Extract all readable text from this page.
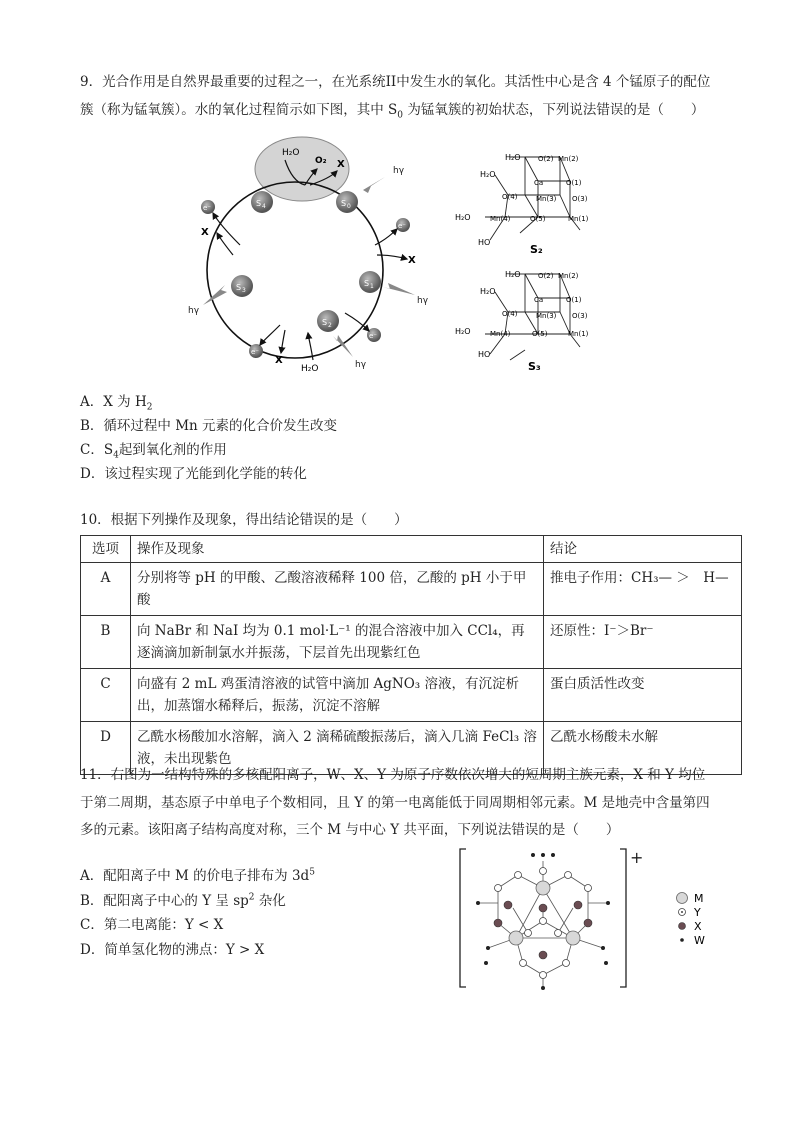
9．光合作用是自然界最重要的过程之一，在光系统II中发生水的氧化。其活性中心是含 4 个锰原子的配位
簇（称为锰氧簇）。水的氧化过程简示如下图，其中 $S_0$ 为锰氧簇的初始状态，下列说法错误的是（　　）
H₂O
O₂ X
S 4	S 0
S 1
S 2
S 3
e⁻
e⁻
e⁻
e⁻
X
X
X
H₂O
hγ
hγ
hγ
hγ
H₂O O(2) Mn(2)
H₂O
Ca	O(1)
O(4)	Mn(3) O(3)
H₂O	Mn(4)	O(5)	Mn(1)
HO
S₂
H₂O O(2) Mn(2)
H₂O
Ca	O(1)
O(4)	Mn(3) O(3)
H₂O	Mn(4)	O(5)	Mn(1)
HO
S₃
A．X 为 $H_2$
B．循环过程中 Mn 元素的化合价发生改变
C．$S_4$起到氧化剂的作用
D．该过程实现了光能到化学能的转化
10．根据下列操作及现象，得出结论错误的是（　　）
选项	操作及现象	结论
A	分别将等 pH 的甲酸、乙酸溶液稀释 100 倍，乙酸的 pH 小于甲酸	推电子作用：CH₃— ＞　H—
B	向 NaBr 和 NaI 均为 0.1 mol·L⁻¹ 的混合溶液中加入 CCl₄，再逐滴滴加新制氯水并振荡，下层首先出现紫红色	还原性：I⁻＞Br⁻
C	向盛有 2 mL 鸡蛋清溶液的试管中滴加 AgNO₃ 溶液，有沉淀析出，加蒸馏水稀释后，振荡，沉淀不溶解	蛋白质活性改变
D	乙酰水杨酸加水溶解，滴入 2 滴稀硫酸振荡后，滴入几滴 FeCl₃ 溶液，未出现紫色	乙酰水杨酸未水解
11．右图为一结构特殊的多核配阳离子，W、X、Y 为原子序数依次增大的短周期主族元素，X 和 Y 均位
于第二周期，基态原子中单电子个数相同，且 Y 的第一电离能低于同周期相邻元素。M 是地壳中含量第四
多的元素。该阳离子结构高度对称，三个 M 与中心 Y 共平面，下列说法错误的是（　　）
A．配阳离子中 M 的价电子排布为 $3d^5$
B．配阳离子中心的 Y 呈 $sp^2$ 杂化
C．第二电离能：Y < X
D．简单氢化物的沸点：Y > X
+
M
Y
X
W
